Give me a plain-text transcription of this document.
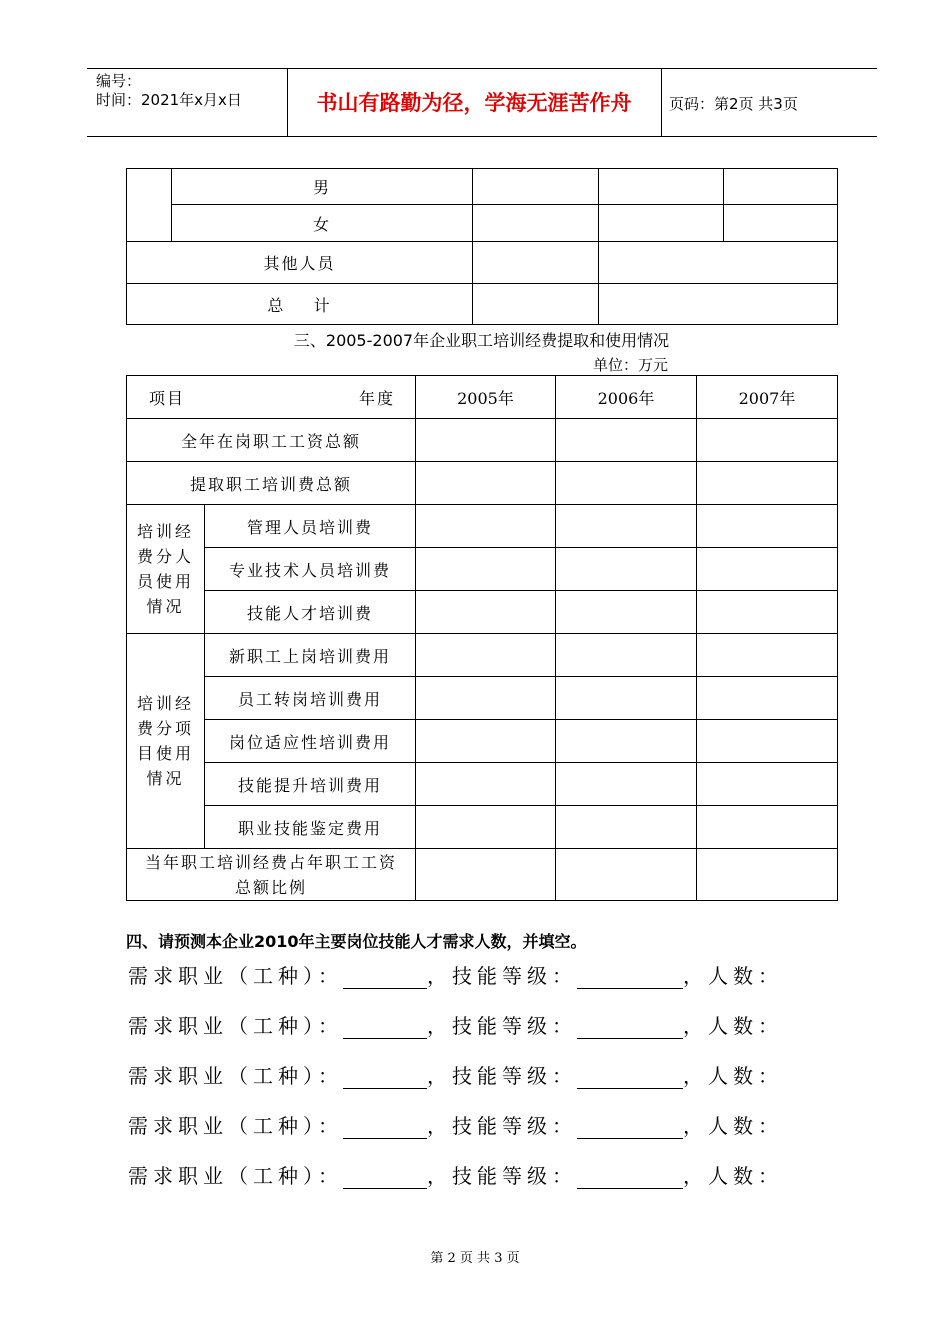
编号：
时间：2021年x月x日	书山有路勤为径，学海无涯苦作舟	页码：第2页 共3页
	男			
	女			
其他人员				
总    计				
三、2005-2007年企业职工培训经费提取和使用情况
单位：万元
项目 年度		2005年	2006年	2007年
全年在岗职工工资总额				
提取职工培训费总额				

培训经费分人员使用情况	管理人员培训费			
	专业技术人员培训费			
	技能人才培训费			

培训经费分项目使用情况	新职工上岗培训费用			
	员工转岗培训费用			
	岗位适应性培训费用			
	技能提升培训费用			
	职业技能鉴定费用			

当年职工培训经费占年职工工资总额比例				

四、请预测本企业2010年主要岗位技能人才需求人数，并填空。
需求职业（工种）：	，技能等级：	，人数：
需求职业（工种）：	，技能等级：	，人数：
需求职业（工种）：	，技能等级：	，人数：
需求职业（工种）：	，技能等级：	，人数：
需求职业（工种）：	，技能等级：	，人数：
第 2 页 共 3 页
